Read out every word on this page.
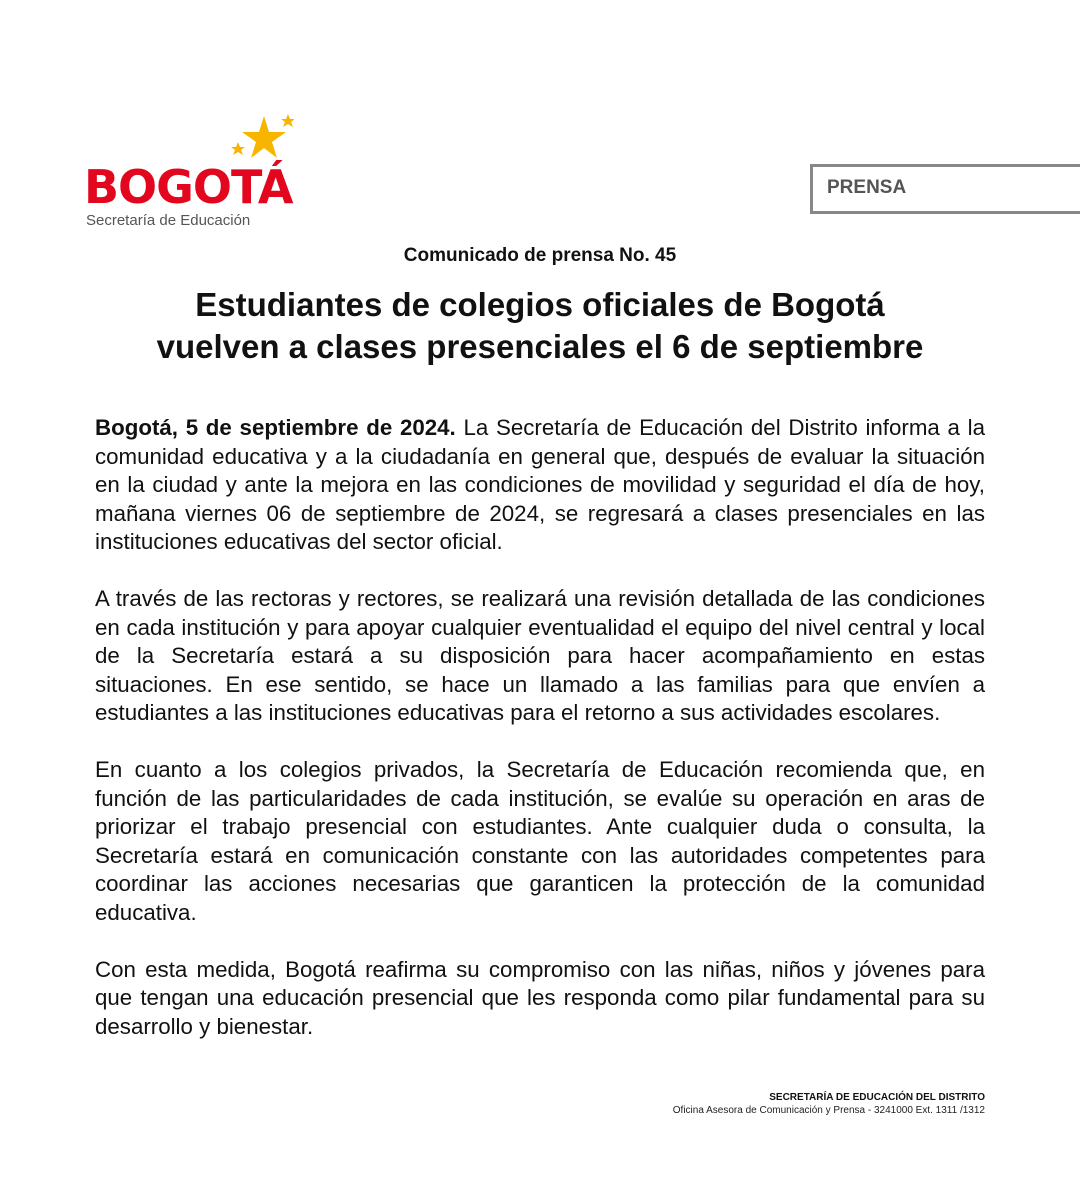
BOGOTÁ
Secretaría de Educación
PRENSA
Comunicado de prensa No. 45
Estudiantes de colegios oficiales de Bogotá
vuelven a clases presenciales el 6 de septiembre

Bogotá, 5 de septiembre de 2024. La Secretaría de Educación del Distrito informa a la comunidad educativa y a la ciudadanía en general que, después de evaluar la situación en la ciudad y ante la mejora en las condiciones de movilidad y seguridad el día de hoy, mañana viernes 06 de septiembre de 2024, se regresará a clases presenciales en las instituciones educativas del sector oficial.

A través de las rectoras y rectores, se realizará una revisión detallada de las condiciones en cada institución y para apoyar cualquier eventualidad el equipo del nivel central y local de la Secretaría estará a su disposición para hacer acompañamiento en estas situaciones. En ese sentido, se hace un llamado a las familias para que envíen a estudiantes a las instituciones educativas para el retorno a sus actividades escolares.

En cuanto a los colegios privados, la Secretaría de Educación recomienda que, en función de las particularidades de cada institución, se evalúe su operación en aras de priorizar el trabajo presencial con estudiantes. Ante cualquier duda o consulta, la Secretaría estará en comunicación constante con las autoridades competentes para coordinar las acciones necesarias que garanticen la protección de la comunidad educativa.

Con esta medida, Bogotá reafirma su compromiso con las niñas, niños y jóvenes para que tengan una educación presencial que les responda como pilar fundamental para su desarrollo y bienestar.

SECRETARÍA DE EDUCACIÓN DEL DISTRITO
Oficina Asesora de Comunicación y Prensa - 3241000 Ext. 1311 /1312
